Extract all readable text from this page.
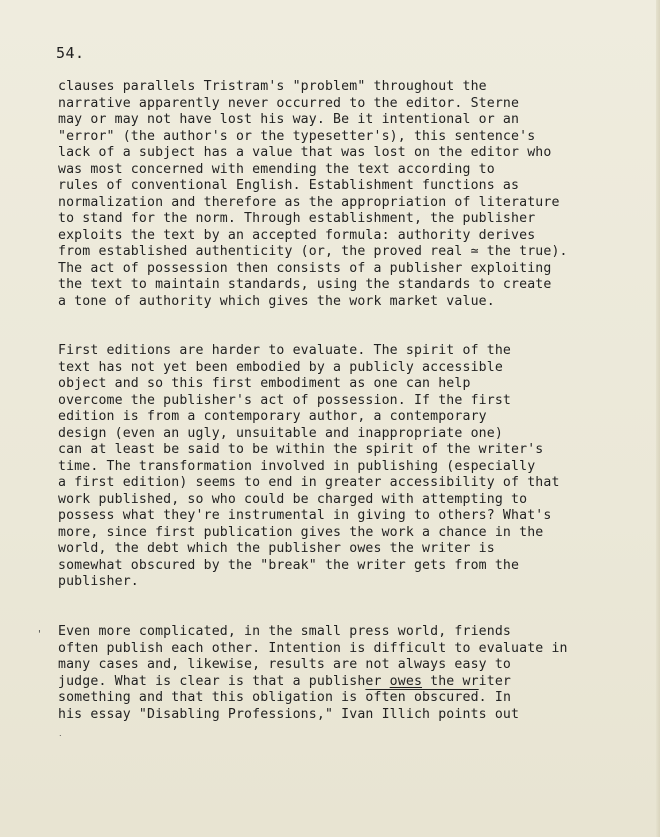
54.
clauses parallels Tristram's "problem" throughout the
narrative apparently never occurred to the editor. Sterne
may or may not have lost his way. Be it intentional or an
"error" (the author's or the typesetter's), this sentence's
lack of a subject has a value that was lost on the editor who
was most concerned with emending the text according to
rules of conventional English. Establishment functions as
normalization and therefore as the appropriation of literature
to stand for the norm. Through establishment, the publisher
exploits the text by an accepted formula: authority derives
from established authenticity (or, the proved real ≃ the true).
The act of possession then consists of a publisher exploiting
the text to maintain standards, using the standards to create
a tone of authority which gives the work market value.
First editions are harder to evaluate. The spirit of the
text has not yet been embodied by a publicly accessible
object and so this first embodiment as one can help
overcome the publisher's act of possession. If the first
edition is from a contemporary author, a contemporary
design (even an ugly, unsuitable and inappropriate one)
can at least be said to be within the spirit of the writer's
time. The transformation involved in publishing (especially
a first edition) seems to end in greater accessibility of that
work published, so who could be charged with attempting to
possess what they're instrumental in giving to others? What's
more, since first publication gives the work a chance in the
world, the debt which the publisher owes the writer is
somewhat obscured by the "break" the writer gets from the
publisher.
' Even more complicated, in the small press world, friends
often publish each other. Intention is difficult to evaluate in
many cases and, likewise, results are not always easy to
judge. What is clear is that a publisher owes the writer
something and that this obligation is often obscured. In
his essay "Disabling Professions," Ivan Illich points out
.
